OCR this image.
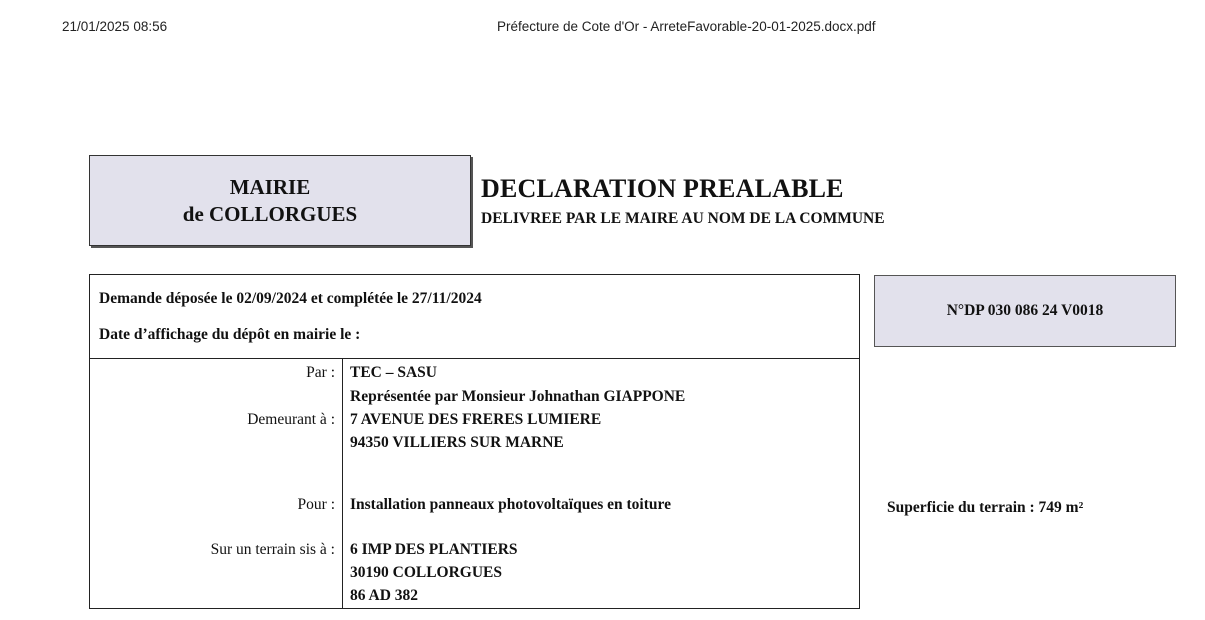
21/01/2025 08:56	Préfecture de Cote d'Or - ArreteFavorable-20-01-2025.docx.pdf
MAIRIE
de COLLORGUES
DECLARATION PREALABLE
DELIVREE PAR LE MAIRE AU NOM DE LA COMMUNE
Demande déposée le 02/09/2024 et complétée le 27/11/2024
Date d’affichage du dépôt en mairie le :
Par : TEC – SASU
Représentée par Monsieur Johnathan GIAPPONE
Demeurant à : 7 AVENUE DES FRERES LUMIERE
94350 VILLIERS SUR MARNE
Pour : Installation panneaux photovoltaïques en toiture
Sur un terrain sis à : 6 IMP DES PLANTIERS
30190 COLLORGUES
86 AD 382
N°DP 030 086 24 V0018
Superficie du terrain : 749 m²
